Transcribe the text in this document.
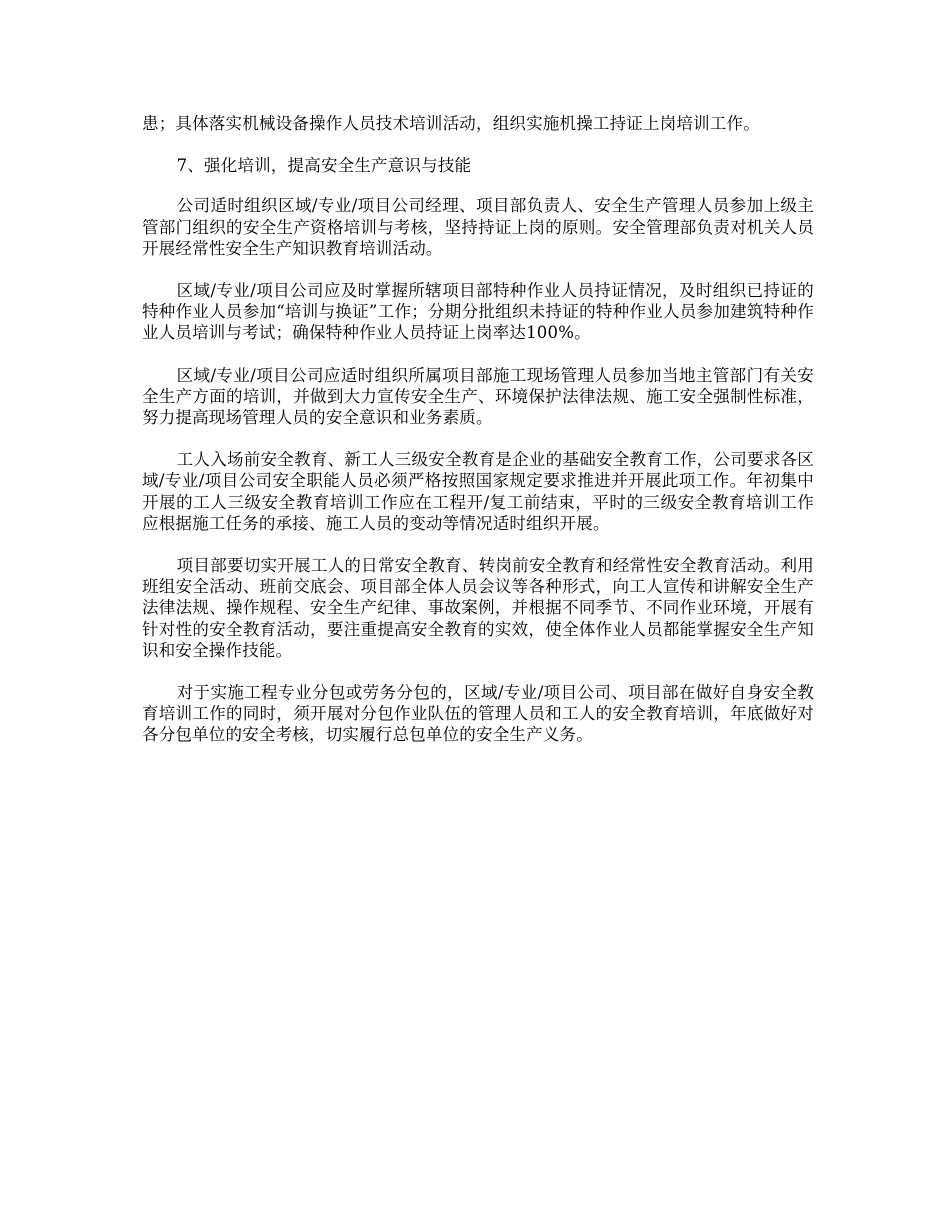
患；具体落实机械设备操作人员技术培训活动，组织实施机操工持证上岗培训工作。

7、强化培训，提高安全生产意识与技能

公司适时组织区域/专业/项目公司经理、项目部负责人、安全生产管理人员参加上级主管部门组织的安全生产资格培训与考核，坚持持证上岗的原则。安全管理部负责对机关人员开展经常性安全生产知识教育培训活动。

区域/专业/项目公司应及时掌握所辖项目部特种作业人员持证情况，及时组织已持证的特种作业人员参加“培训与换证”工作；分期分批组织未持证的特种作业人员参加建筑特种作业人员培训与考试；确保特种作业人员持证上岗率达100%。

区域/专业/项目公司应适时组织所属项目部施工现场管理人员参加当地主管部门有关安全生产方面的培训，并做到大力宣传安全生产、环境保护法律法规、施工安全强制性标准，努力提高现场管理人员的安全意识和业务素质。

工人入场前安全教育、新工人三级安全教育是企业的基础安全教育工作，公司要求各区域/专业/项目公司安全职能人员必须严格按照国家规定要求推进并开展此项工作。年初集中开展的工人三级安全教育培训工作应在工程开/复工前结束，平时的三级安全教育培训工作应根据施工任务的承接、施工人员的变动等情况适时组织开展。

项目部要切实开展工人的日常安全教育、转岗前安全教育和经常性安全教育活动。利用班组安全活动、班前交底会、项目部全体人员会议等各种形式，向工人宣传和讲解安全生产法律法规、操作规程、安全生产纪律、事故案例，并根据不同季节、不同作业环境，开展有针对性的安全教育活动，要注重提高安全教育的实效，使全体作业人员都能掌握安全生产知识和安全操作技能。

对于实施工程专业分包或劳务分包的，区域/专业/项目公司、项目部在做好自身安全教育培训工作的同时，须开展对分包作业队伍的管理人员和工人的安全教育培训，年底做好对各分包单位的安全考核，切实履行总包单位的安全生产义务。
